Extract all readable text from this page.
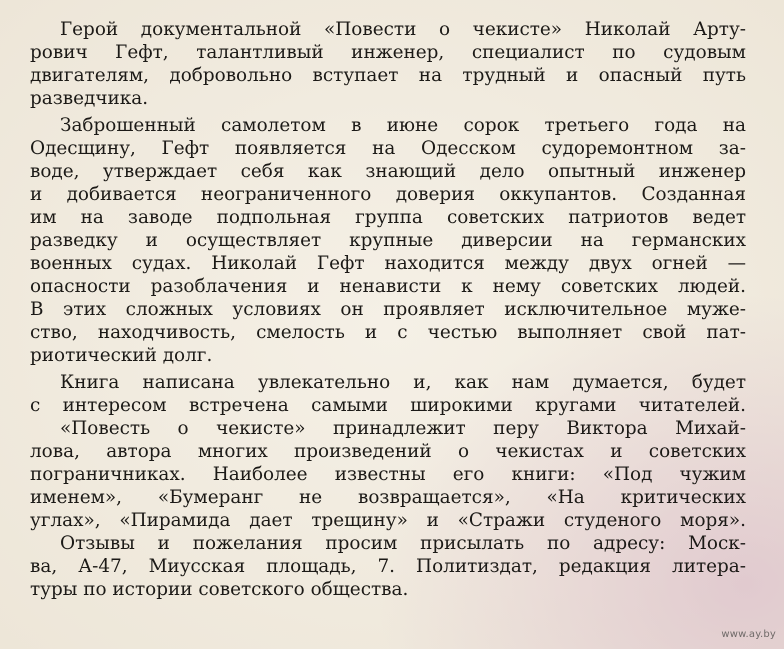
Герой документальной «Повести о чекисте» Николай Арту-
рович Гефт, талантливый инженер, специалист по судовым
двигателям, добровольно вступает на трудный и опасный путь
разведчика.
Заброшенный самолетом в июне сорок третьего года на
Одесщину, Гефт появляется на Одесском судоремонтном за-
воде, утверждает себя как знающий дело опытный инженер
и добивается неограниченного доверия оккупантов. Созданная
им на заводе подпольная группа советских патриотов ведет
разведку и осуществляет крупные диверсии на германских
военных судах. Николай Гефт находится между двух огней —
опасности разоблачения и ненависти к нему советских людей.
В этих сложных условиях он проявляет исключительное муже-
ство, находчивость, смелость и с честью выполняет свой пат-
риотический долг.
Книга написана увлекательно и, как нам думается, будет
с интересом встречена самыми широкими кругами читателей.
«Повесть о чекисте» принадлежит перу Виктора Михай-
лова, автора многих произведений о чекистах и советских
пограничниках. Наиболее известны его книги: «Под чужим
именем», «Бумеранг не возвращается», «На критических
углах», «Пирамида дает трещину» и «Стражи студеного моря».
Отзывы и пожелания просим присылать по адресу: Моск-
ва, А-47, Миусская площадь, 7. Политиздат, редакция литера-
туры по истории советского общества.
www.ay.by
